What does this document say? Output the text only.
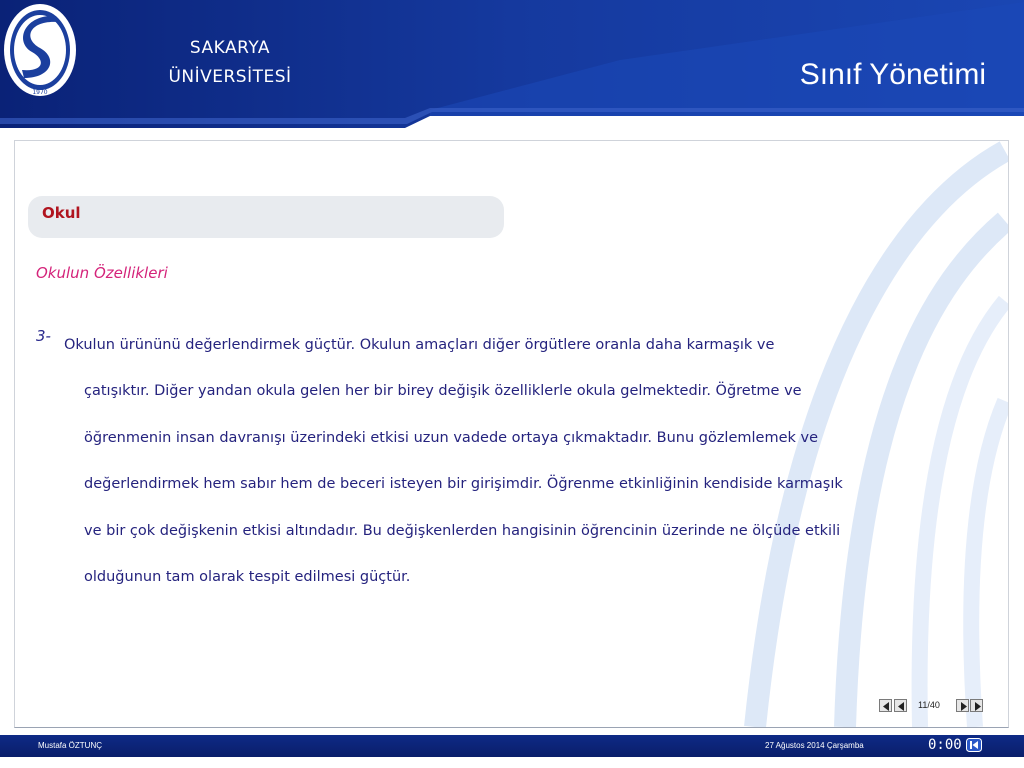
1970
SAKARYA
ÜNİVERSİTESİ	Sınıf Yönetimi
Okul
Okulun Özellikleri
3- Okulun ürününü değerlendirmek güçtür. Okulun amaçları diğer örgütlere oranla daha karmaşık ve
çatışıktır. Diğer yandan okula gelen her bir birey değişik özelliklerle okula gelmektedir. Öğretme ve
öğrenmenin insan davranışı üzerindeki etkisi uzun vadede ortaya çıkmaktadır. Bunu gözlemlemek ve
değerlendirmek hem sabır hem de beceri isteyen bir girişimdir. Öğrenme etkinliğinin kendiside karmaşık
ve bir çok değişkenin etkisi altındadır. Bu değişkenlerden hangisinin öğrencinin üzerinde ne ölçüde etkili
olduğunun tam olarak tespit edilmesi güçtür.
11/40
Mustafa ÖZTUNÇ	27 Ağustos 2014 Çarşamba	0:00
